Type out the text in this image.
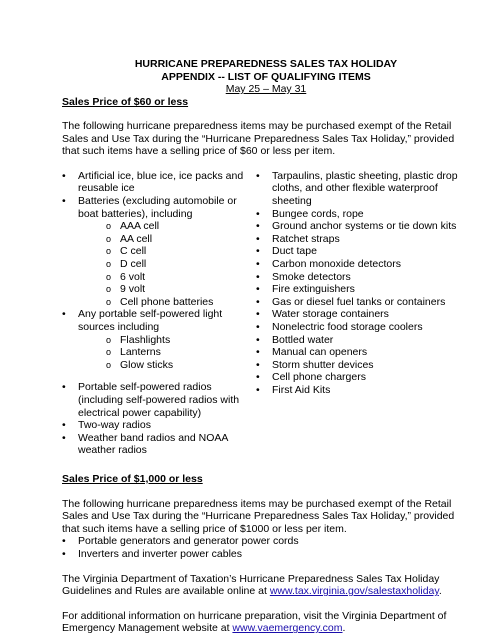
HURRICANE PREPAREDNESS SALES TAX HOLIDAY
APPENDIX -- LIST OF QUALIFYING ITEMS
May 25 – May 31
Sales Price of $60 or less

The following hurricane preparedness items may be purchased exempt of the Retail Sales and Use Tax during the “Hurricane Preparedness Sales Tax Holiday,” provided that such items have a selling price of $60 or less per item.

• Artificial ice, blue ice, ice packs and reusable ice
• Batteries (excluding automobile or boat batteries), including
o AAA cell
o AA cell
o C cell
o D cell
o 6 volt
o 9 volt
o Cell phone batteries
• Any portable self-powered light sources including
o Flashlights
o Lanterns
o Glow sticks
• Portable self-powered radios (including self-powered radios with electrical power capability)
• Two-way radios
• Weather band radios and NOAA weather radios
• Tarpaulins, plastic sheeting, plastic drop cloths, and other flexible waterproof sheeting
• Bungee cords, rope
• Ground anchor systems or tie down kits
• Ratchet straps
• Duct tape
• Carbon monoxide detectors
• Smoke detectors
• Fire extinguishers
• Gas or diesel fuel tanks or containers
• Water storage containers
• Nonelectric food storage coolers
• Bottled water
• Manual can openers
• Storm shutter devices
• Cell phone chargers
• First Aid Kits
Sales Price of $1,000 or less

The following hurricane preparedness items may be purchased exempt of the Retail Sales and Use Tax during the “Hurricane Preparedness Sales Tax Holiday,” provided that such items have a selling price of $1000 or less per item.

• Portable generators and generator power cords
• Inverters and inverter power cables

The Virginia Department of Taxation’s Hurricane Preparedness Sales Tax Holiday Guidelines and Rules are available online at www.tax.virginia.gov/salestaxholiday.

For additional information on hurricane preparation, visit the Virginia Department of Emergency Management website at www.vaemergency.com.
